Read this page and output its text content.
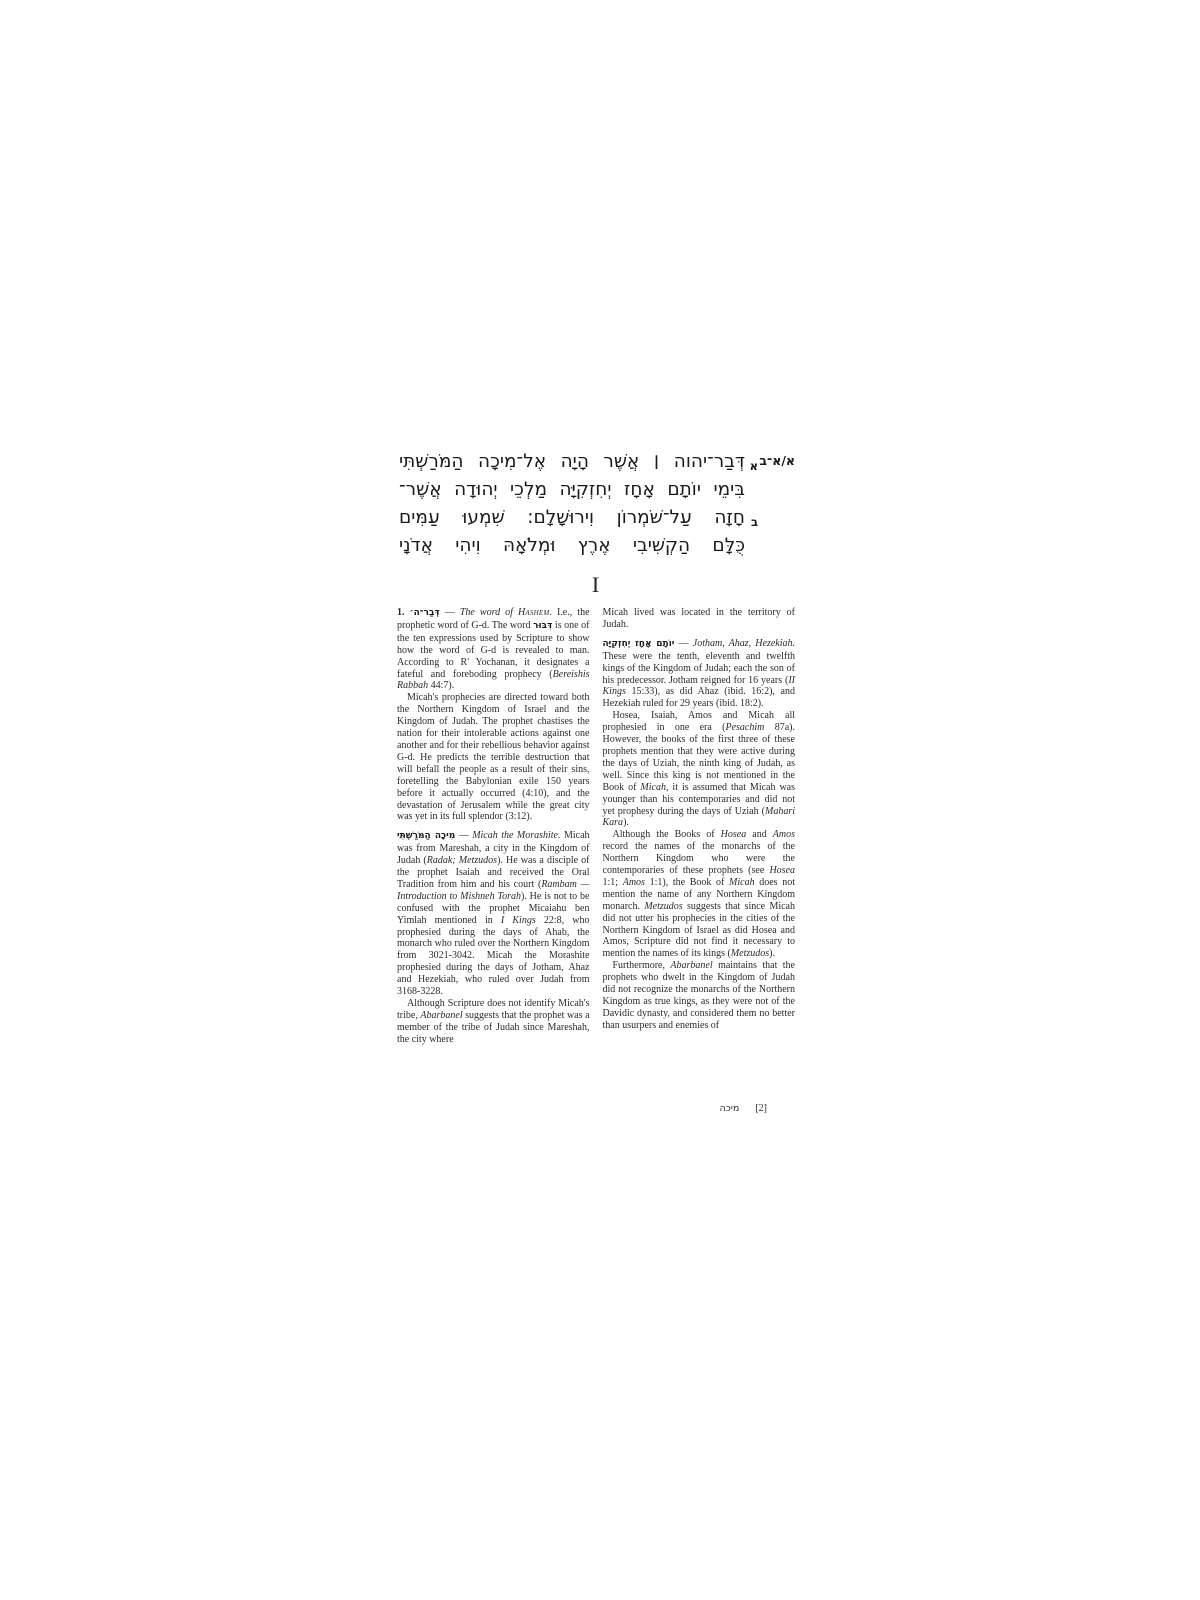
א/א־ב
א
דְּבַר־יהוה ׀ אֲשֶׁר הָיָה אֶל־מִיכָה הַמֹּרַשְׁתִּי
בִּימֵי יוֹתָם אָחָז יְחִזְקִיָּה מַלְכֵי יְהוּדָה אֲשֶׁר־
ב
חָזָה עַל־שֹׁמְרוֹן וִירוּשָׁלָם: שִׁמְעוּ עַמִּים
כֻּלָּם הַקְשִׁיבִי אֶרֶץ וּמְלֹאָהּ וִיהִי אֲדֹנָי
I

1. דְּבַר־ה׳ — The word of Hashem. I.e., the prophetic word of G-d. The word דִּבּוּר is one of the ten expressions used by Scripture to show how the word of G-d is revealed to man. According to R' Yochanan, it designates a fateful and foreboding prophecy (Bereishis Rabbah 44:7).

Micah's prophecies are directed toward both the Northern Kingdom of Israel and the Kingdom of Judah. The prophet chastises the nation for their intolerable actions against one another and for their rebellious behavior against G-d. He predicts the terrible destruction that will befall the people as a result of their sins, foretelling the Babylonian exile 150 years before it actually occurred (4:10), and the devastation of Jerusalem while the great city was yet in its full splendor (3:12).

מִיכָה הַמֹּרַשְׁתִּי — Micah the Morashite. Micah was from Mareshah, a city in the Kingdom of Judah (Radak; Metzudos). He was a disciple of the prophet Isaiah and received the Oral Tradition from him and his court (Rambam — Introduction to Mishneh Torah). He is not to be confused with the prophet Micaiahu ben Yimlah mentioned in I Kings 22:8, who prophesied during the days of Ahab, the monarch who ruled over the Northern Kingdom from 3021-3042. Micah the Morashite prophesied during the days of Jotham, Ahaz and Hezekiah, who ruled over Judah from 3168-3228.

Although Scripture does not identify Micah's tribe, Abarbanel suggests that the prophet was a member of the tribe of Judah since Mareshah, the city where

Micah lived was located in the territory of Judah.

יוֹתָם אָחָז יְחִזְקִיָּה — Jotham, Ahaz, Hezekiah. These were the tenth, eleventh and twelfth kings of the Kingdom of Judah; each the son of his predecessor. Jotham reigned for 16 years (II Kings 15:33), as did Ahaz (ibid. 16:2), and Hezekiah ruled for 29 years (ibid. 18:2).

Hosea, Isaiah, Amos and Micah all prophesied in one era (Pesachim 87a). However, the books of the first three of these prophets mention that they were active during the days of Uziah, the ninth king of Judah, as well. Since this king is not mentioned in the Book of Micah, it is assumed that Micah was younger than his contemporaries and did not yet prophesy during the days of Uziah (Mahari Kara).

Although the Books of Hosea and Amos record the names of the monarchs of the Northern Kingdom who were the contemporaries of these prophets (see Hosea 1:1; Amos 1:1), the Book of Micah does not mention the name of any Northern Kingdom monarch. Metzudos suggests that since Micah did not utter his prophecies in the cities of the Northern Kingdom of Israel as did Hosea and Amos, Scripture did not find it necessary to mention the names of its kings (Metzudos).

Furthermore, Abarbanel maintains that the prophets who dwelt in the Kingdom of Judah did not recognize the monarchs of the Northern Kingdom as true kings, as they were not of the Davidic dynasty, and considered them no better than usurpers and enemies of

מיכה [2]
